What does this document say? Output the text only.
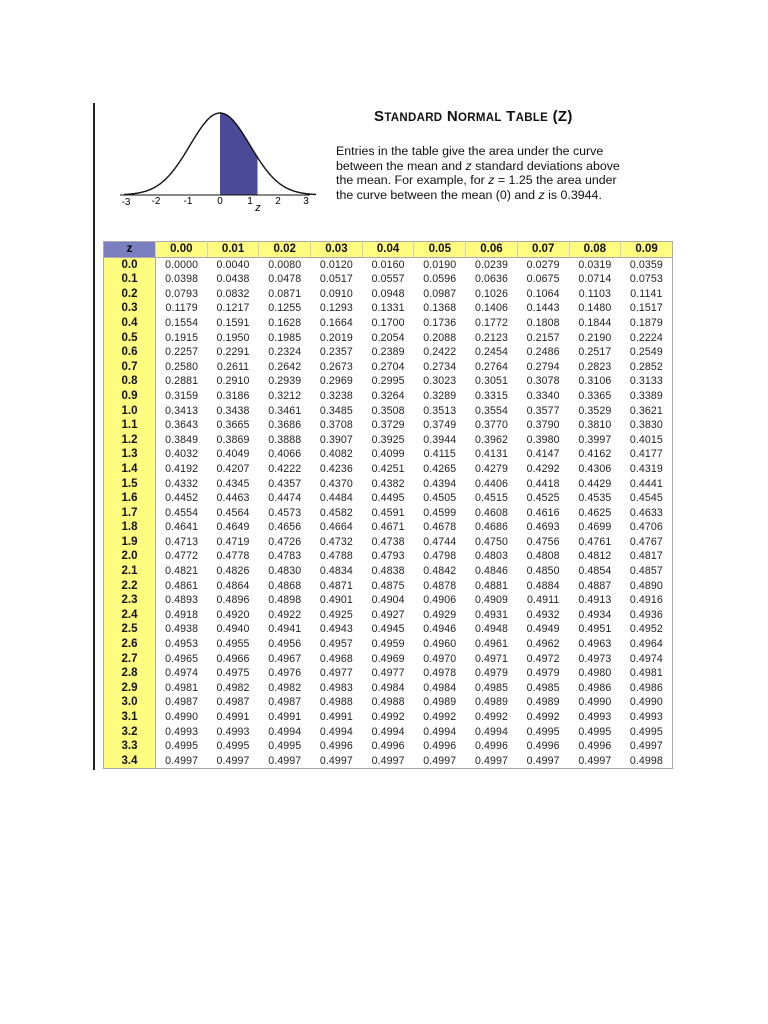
-3 -2 -1 0 1 2 3
z
STANDARD NORMAL TABLE (Z)
Entries in the table give the area under the curve
between the mean and z standard deviations above
the mean. For example, for z = 1.25 the area under
the curve between the mean (0) and z is 0.3944.
z	0.00	0.01	0.02	0.03	0.04	0.05	0.06	0.07	0.08	0.09
0.0	0.0000	0.0040	0.0080	0.0120	0.0160	0.0190	0.0239	0.0279	0.0319	0.0359
0.1	0.0398	0.0438	0.0478	0.0517	0.0557	0.0596	0.0636	0.0675	0.0714	0.0753
0.2	0.0793	0.0832	0.0871	0.0910	0.0948	0.0987	0.1026	0.1064	0.1103	0.1141
0.3	0.1179	0.1217	0.1255	0.1293	0.1331	0.1368	0.1406	0.1443	0.1480	0.1517
0.4	0.1554	0.1591	0.1628	0.1664	0.1700	0.1736	0.1772	0.1808	0.1844	0.1879
0.5	0.1915	0.1950	0.1985	0.2019	0.2054	0.2088	0.2123	0.2157	0.2190	0.2224
0.6	0.2257	0.2291	0.2324	0.2357	0.2389	0.2422	0.2454	0.2486	0.2517	0.2549
0.7	0.2580	0.2611	0.2642	0.2673	0.2704	0.2734	0.2764	0.2794	0.2823	0.2852
0.8	0.2881	0.2910	0.2939	0.2969	0.2995	0.3023	0.3051	0.3078	0.3106	0.3133
0.9	0.3159	0.3186	0.3212	0.3238	0.3264	0.3289	0.3315	0.3340	0.3365	0.3389
1.0	0.3413	0.3438	0.3461	0.3485	0.3508	0.3513	0.3554	0.3577	0.3529	0.3621
1.1	0.3643	0.3665	0.3686	0.3708	0.3729	0.3749	0.3770	0.3790	0.3810	0.3830
1.2	0.3849	0.3869	0.3888	0.3907	0.3925	0.3944	0.3962	0.3980	0.3997	0.4015
1.3	0.4032	0.4049	0.4066	0.4082	0.4099	0.4115	0.4131	0.4147	0.4162	0.4177
1.4	0.4192	0.4207	0.4222	0.4236	0.4251	0.4265	0.4279	0.4292	0.4306	0.4319
1.5	0.4332	0.4345	0.4357	0.4370	0.4382	0.4394	0.4406	0.4418	0.4429	0.4441
1.6	0.4452	0.4463	0.4474	0.4484	0.4495	0.4505	0.4515	0.4525	0.4535	0.4545
1.7	0.4554	0.4564	0.4573	0.4582	0.4591	0.4599	0.4608	0.4616	0.4625	0.4633
1.8	0.4641	0.4649	0.4656	0.4664	0.4671	0.4678	0.4686	0.4693	0.4699	0.4706
1.9	0.4713	0.4719	0.4726	0.4732	0.4738	0.4744	0.4750	0.4756	0.4761	0.4767
2.0	0.4772	0.4778	0.4783	0.4788	0.4793	0.4798	0.4803	0.4808	0.4812	0.4817
2.1	0.4821	0.4826	0.4830	0.4834	0.4838	0.4842	0.4846	0.4850	0.4854	0.4857
2.2	0.4861	0.4864	0.4868	0.4871	0.4875	0.4878	0.4881	0.4884	0.4887	0.4890
2.3	0.4893	0.4896	0.4898	0.4901	0.4904	0.4906	0.4909	0.4911	0.4913	0.4916
2.4	0.4918	0.4920	0.4922	0.4925	0.4927	0.4929	0.4931	0.4932	0.4934	0.4936
2.5	0.4938	0.4940	0.4941	0.4943	0.4945	0.4946	0.4948	0.4949	0.4951	0.4952
2.6	0.4953	0.4955	0.4956	0.4957	0.4959	0.4960	0.4961	0.4962	0.4963	0.4964
2.7	0.4965	0.4966	0.4967	0.4968	0.4969	0.4970	0.4971	0.4972	0.4973	0.4974
2.8	0.4974	0.4975	0.4976	0.4977	0.4977	0.4978	0.4979	0.4979	0.4980	0.4981
2.9	0.4981	0.4982	0.4982	0.4983	0.4984	0.4984	0.4985	0.4985	0.4986	0.4986
3.0	0.4987	0.4987	0.4987	0.4988	0.4988	0.4989	0.4989	0.4989	0.4990	0.4990
3.1	0.4990	0.4991	0.4991	0.4991	0.4992	0.4992	0.4992	0.4992	0.4993	0.4993
3.2	0.4993	0.4993	0.4994	0.4994	0.4994	0.4994	0.4994	0.4995	0.4995	0.4995
3.3	0.4995	0.4995	0.4995	0.4996	0.4996	0.4996	0.4996	0.4996	0.4996	0.4997
3.4	0.4997	0.4997	0.4997	0.4997	0.4997	0.4997	0.4997	0.4997	0.4997	0.4998
